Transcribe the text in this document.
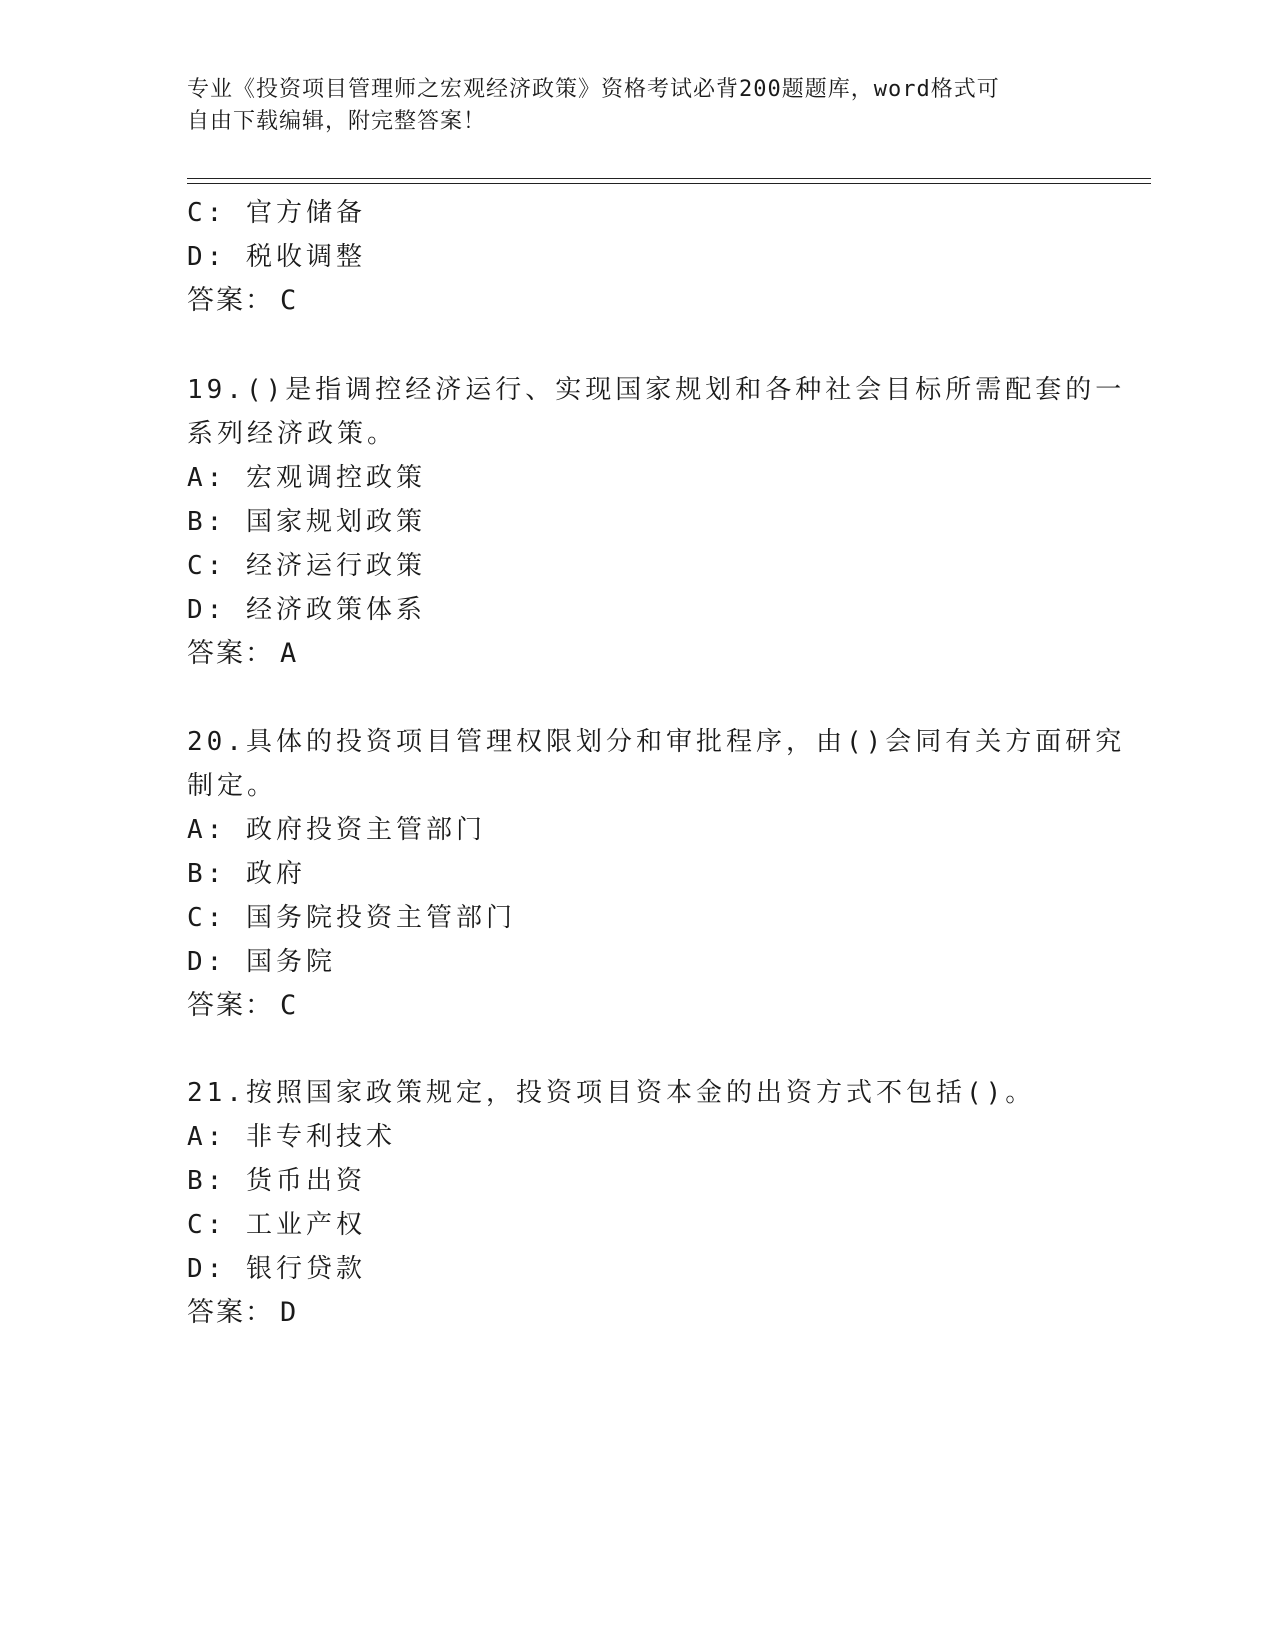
专业《投资项目管理师之宏观经济政策》资格考试必背200题题库，word格式可
自由下载编辑，附完整答案！
C: 官方储备
D: 税收调整
答案： C
19.()是指调控经济运行、实现国家规划和各种社会目标所需配套的一
系列经济政策。
A: 宏观调控政策
B: 国家规划政策
C: 经济运行政策
D: 经济政策体系
答案： A
20.具体的投资项目管理权限划分和审批程序，由()会同有关方面研究
制定。
A: 政府投资主管部门
B: 政府
C: 国务院投资主管部门
D: 国务院
答案： C
21.按照国家政策规定，投资项目资本金的出资方式不包括()。
A: 非专利技术
B: 货币出资
C: 工业产权
D: 银行贷款
答案： D
